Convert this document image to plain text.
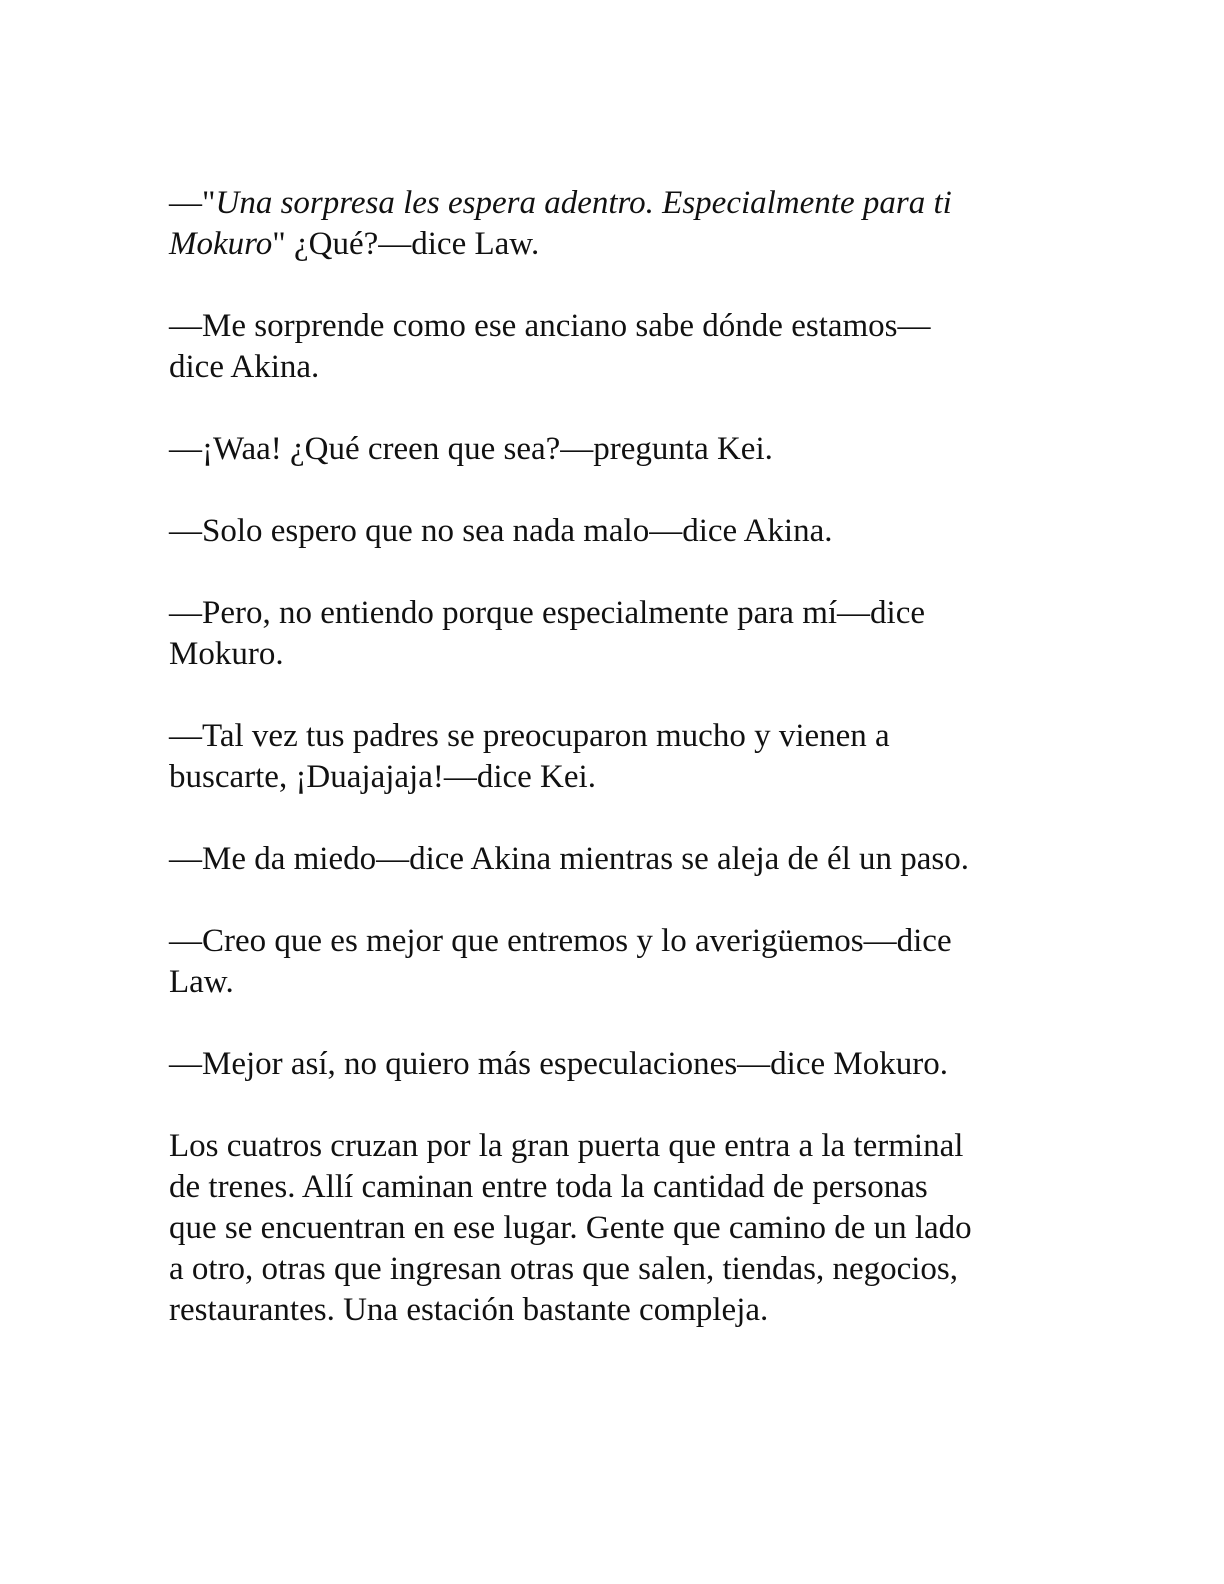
—"Una sorpresa les espera adentro. Especialmente para ti
Mokuro" ¿Qué?—dice Law.
—Me sorprende como ese anciano sabe dónde estamos—
dice Akina.
—¡Waa! ¿Qué creen que sea?—pregunta Kei.
—Solo espero que no sea nada malo—dice Akina.
—Pero, no entiendo porque especialmente para mí—dice
Mokuro.
—Tal vez tus padres se preocuparon mucho y vienen a
buscarte, ¡Duajajaja!—dice Kei.
—Me da miedo—dice Akina mientras se aleja de él un paso.
—Creo que es mejor que entremos y lo averigüemos—dice
Law.
—Mejor así, no quiero más especulaciones—dice Mokuro.
Los cuatros cruzan por la gran puerta que entra a la terminal
de trenes. Allí caminan entre toda la cantidad de personas
que se encuentran en ese lugar. Gente que camino de un lado
a otro, otras que ingresan otras que salen, tiendas, negocios,
restaurantes. Una estación bastante compleja.
